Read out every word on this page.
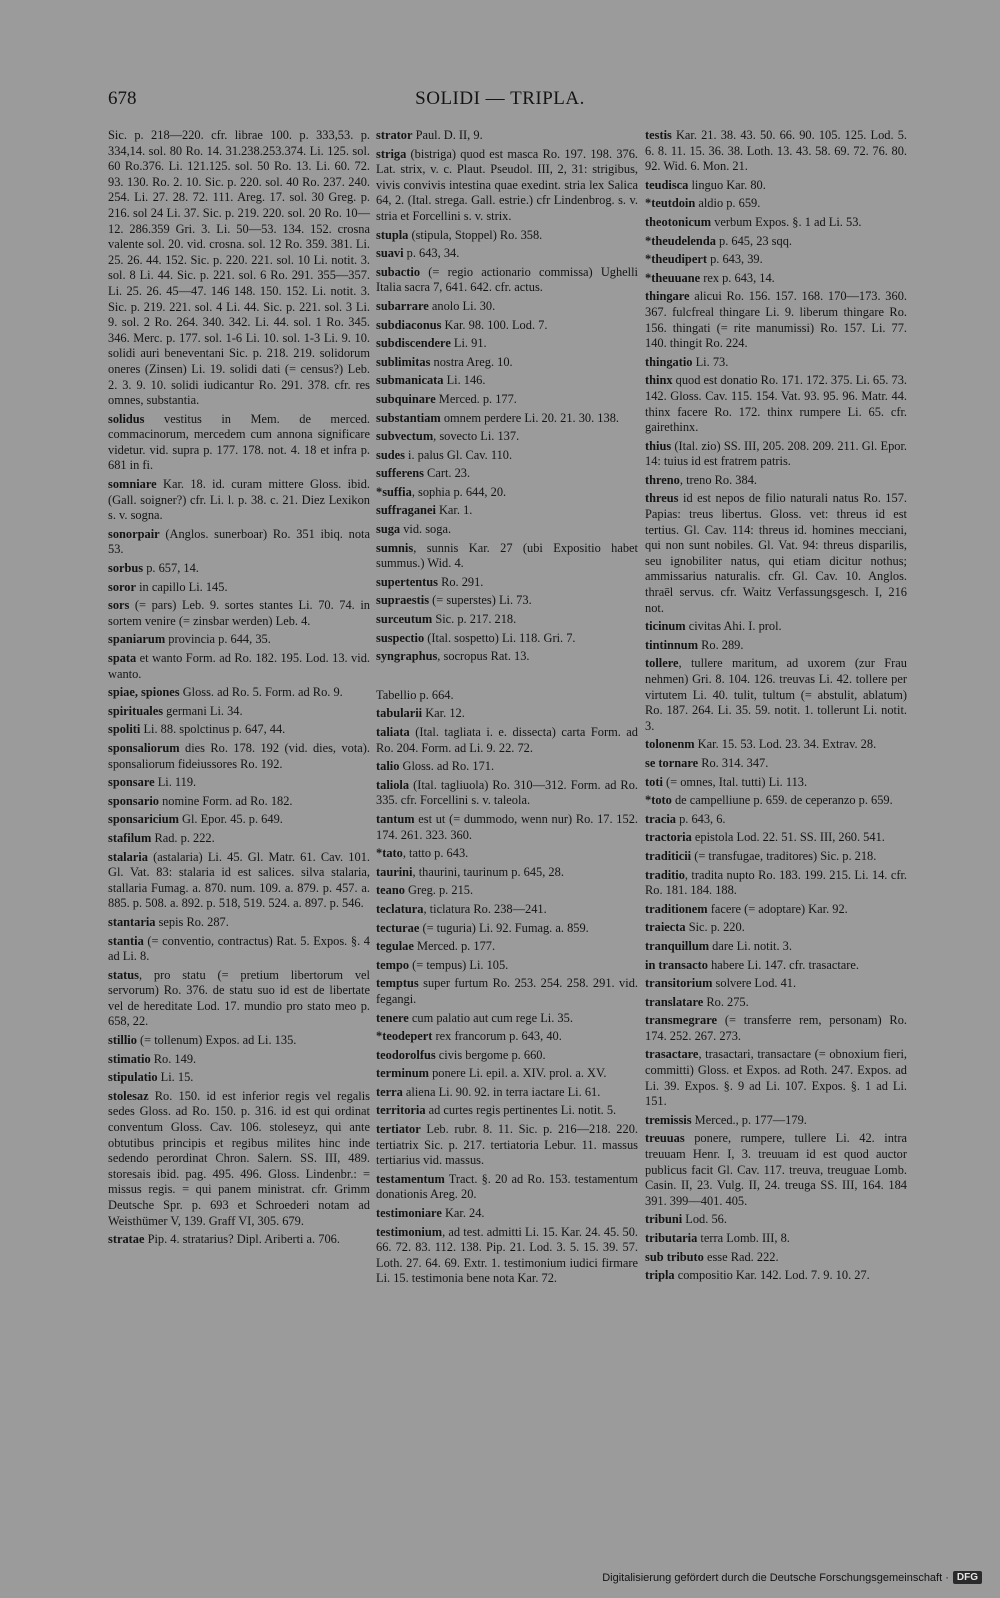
678	SOLIDI — TRIPLA.
Sic. p. 218—220. cfr. librae 100. p. 333,53. p. 334,14. sol. 80 Ro. 14. 31.238.253.374. Li. 125. sol. 60 Ro.376. Li. 121.125. sol. 50 Ro. 13. Li. 60. 72. 93. 130. Ro. 2. 10. Sic. p. 220. sol. 40 Ro. 237. 240. 254. Li. 27. 28. 72. 111. Areg. 17. sol. 30 Greg. p. 216. sol 24 Li. 37. Sic. p. 219. 220. sol. 20 Ro. 10—12. 286.359 Gri. 3. Li. 50—53. 134. 152. crosna valente sol. 20. vid. crosna. sol. 12 Ro. 359. 381. Li. 25. 26. 44. 152. Sic. p. 220. 221. sol. 10 Li. notit. 3. sol. 8 Li. 44. Sic. p. 221. sol. 6 Ro. 291. 355—357. Li. 25. 26. 45—47. 146 148. 150. 152. Li. notit. 3. Sic. p. 219. 221. sol. 4 Li. 44. Sic. p. 221. sol. 3 Li. 9. sol. 2 Ro. 264. 340. 342. Li. 44. sol. 1 Ro. 345. 346. Merc. p. 177. sol. 1-6 Li. 10. sol. 1-3 Li. 9. 10. solidi auri beneventani Sic. p. 218. 219. solidorum oneres (Zinsen) Li. 19. solidi dati (= census?) Leb. 2. 3. 9. 10. solidi iudicantur Ro. 291. 378. cfr. res omnes, substantia.
solidus vestitus in Mem. de merced. commacinorum, mercedem cum annona significare videtur. vid. supra p. 177. 178. not. 4. 18 et infra p. 681 in fi.
somniare Kar. 18. id. curam mittere Gloss. ibid. (Gall. soigner?) cfr. Li. l. p. 38. c. 21. Diez Lexikon s. v. sogna.
sonorpair (Anglos. sunerboar) Ro. 351 ibiq. nota 53.
sorbus p. 657, 14.
soror in capillo Li. 145.
sors (= pars) Leb. 9. sortes stantes Li. 70. 74. in sortem venire (= zinsbar werden) Leb. 4.
spaniarum provincia p. 644, 35.
spata et wanto Form. ad Ro. 182. 195. Lod. 13. vid. wanto.
spiae, spiones Gloss. ad Ro. 5. Form. ad Ro. 9.
spirituales germani Li. 34.
spoliti Li. 88. spolctinus p. 647, 44.
sponsaliorum dies Ro. 178. 192 (vid. dies, vota). sponsaliorum fideiussores Ro. 192.
sponsare Li. 119.
sponsario nomine Form. ad Ro. 182.
sponsaricium Gl. Epor. 45. p. 649.
stafilum Rad. p. 222.
stalaria (astalaria) Li. 45. Gl. Matr. 61. Cav. 101. Gl. Vat. 83: stalaria id est salices. silva stalaria, stallaria Fumag. a. 870. num. 109. a. 879. p. 457. a. 885. p. 508. a. 892. p. 518, 519. 524. a. 897. p. 546.
stantaria sepis Ro. 287.
stantia (= conventio, contractus) Rat. 5. Expos. §. 4 ad Li. 8.
status, pro statu (= pretium libertorum vel servorum) Ro. 376. de statu suo id est de libertate vel de hereditate Lod. 17. mundio pro stato meo p. 658, 22.
stillio (= tollenum) Expos. ad Li. 135.
stimatio Ro. 149.
stipulatio Li. 15.
stolesaz Ro. 150. id est inferior regis vel regalis sedes Gloss. ad Ro. 150. p. 316. id est qui ordinat conventum Gloss. Cav. 106. stoleseyz, qui ante obtutibus principis et regibus milites hinc inde sedendo perordinat Chron. Salern. SS. III, 489. storesais ibid. pag. 495. 496. Gloss. Lindenbr.: = missus regis. = qui panem ministrat. cfr. Grimm Deutsche Spr. p. 693 et Schroederi notam ad Weisthümer V, 139. Graff VI, 305. 679.
stratae Pip. 4. stratarius? Dipl. Ariberti a. 706.
strator Paul. D. II, 9.
striga (bistriga) quod est masca Ro. 197. 198. 376. Lat. strix, v. c. Plaut. Pseudol. III, 2, 31: strigibus, vivis convivis intestina quae exedint. stria lex Salica 64, 2. (Ital. strega. Gall. estrie.) cfr Lindenbrog. s. v. stria et Forcellini s. v. strix.
stupla (stipula, Stoppel) Ro. 358.
suavi p. 643, 34.
subactio (= regio actionario commissa) Ughelli Italia sacra 7, 641. 642. cfr. actus.
subarrare anolo Li. 30.
subdiaconus Kar. 98. 100. Lod. 7.
subdiscendere Li. 91.
sublimitas nostra Areg. 10.
submanicata Li. 146.
subquinare Merced. p. 177.
substantiam omnem perdere Li. 20. 21. 30. 138.
subvectum, sovecto Li. 137.
sudes i. palus Gl. Cav. 110.
sufferens Cart. 23.
*suffia, sophia p. 644, 20.
suffraganei Kar. 1.
suga vid. soga.
sumnis, sunnis Kar. 27 (ubi Expositio habet summus.) Wid. 4.
supertentus Ro. 291.
supraestis (= superstes) Li. 73.
surceutum Sic. p. 217. 218.
suspectio (Ital. sospetto) Li. 118. Gri. 7.
syngraphus, socropus Rat. 13.
Tabellio p. 664.
tabularii Kar. 12.
taliata (Ital. tagliata i. e. dissecta) carta Form. ad Ro. 204. Form. ad Li. 9. 22. 72.
talio Gloss. ad Ro. 171.
taliola (Ital. tagliuola) Ro. 310—312. Form. ad Ro. 335. cfr. Forcellini s. v. taleola.
tantum est ut (= dummodo, wenn nur) Ro. 17. 152. 174. 261. 323. 360.
*tato, tatto p. 643.
taurini, thaurini, taurinum p. 645, 28.
teano Greg. p. 215.
teclatura, ticlatura Ro. 238—241.
tecturae (= tuguria) Li. 92. Fumag. a. 859.
tegulae Merced. p. 177.
tempo (= tempus) Li. 105.
temptus super furtum Ro. 253. 254. 258. 291. vid. fegangi.
tenere cum palatio aut cum rege Li. 35.
*teodepert rex francorum p. 643, 40.
teodorolfus civis bergome p. 660.
terminum ponere Li. epil. a. XIV. prol. a. XV.
terra aliena Li. 90. 92. in terra iactare Li. 61.
territoria ad curtes regis pertinentes Li. notit. 5.
tertiator Leb. rubr. 8. 11. Sic. p. 216—218. 220. tertiatrix Sic. p. 217. tertiatoria Lebur. 11. massus tertiarius vid. massus.
testamentum Tract. §. 20 ad Ro. 153. testamentum donationis Areg. 20.
testimoniare Kar. 24.
testimonium, ad test. admitti Li. 15. Kar. 24. 45. 50. 66. 72. 83. 112. 138. Pip. 21. Lod. 3. 5. 15. 39. 57. Loth. 27. 64. 69. Extr. 1. testimonium iudici firmare Li. 15. testimonia bene nota Kar. 72.
testis Kar. 21. 38. 43. 50. 66. 90. 105. 125. Lod. 5. 6. 8. 11. 15. 36. 38. Loth. 13. 43. 58. 69. 72. 76. 80. 92. Wid. 6. Mon. 21.
teudisca linguo Kar. 80.
*teutdoin aldio p. 659.
theotonicum verbum Expos. §. 1 ad Li. 53.
*theudelenda p. 645, 23 sqq.
*theudipert p. 643, 39.
*theuuane rex p. 643, 14.
thingare alicui Ro. 156. 157. 168. 170—173. 360. 367. fulcfreal thingare Li. 9. liberum thingare Ro. 156. thingati (= rite manumissi) Ro. 157. Li. 77. 140. thingit Ro. 224.
thingatio Li. 73.
thinx quod est donatio Ro. 171. 172. 375. Li. 65. 73. 142. Gloss. Cav. 115. 154. Vat. 93. 95. 96. Matr. 44. thinx facere Ro. 172. thinx rumpere Li. 65. cfr. gairethinx.
thius (Ital. zio) SS. III, 205. 208. 209. 211. Gl. Epor. 14: tuius id est fratrem patris.
threno, treno Ro. 384.
threus id est nepos de filio naturali natus Ro. 157. Papias: treus libertus. Gloss. vet: threus id est tertius. Gl. Cav. 114: threus id. homines mecciani, qui non sunt nobiles. Gl. Vat. 94: threus disparilis, seu ignobiliter natus, qui etiam dicitur nothus; ammissarius naturalis. cfr. Gl. Cav. 10. Anglos. thraēl servus. cfr. Waitz Verfassungsgesch. I, 216 not.
ticinum civitas Ahi. I. prol.
tintinnum Ro. 289.
tollere, tullere maritum, ad uxorem (zur Frau nehmen) Gri. 8. 104. 126. treuvas Li. 42. tollere per virtutem Li. 40. tulit, tultum (= abstulit, ablatum) Ro. 187. 264. Li. 35. 59. notit. 1. tollerunt Li. notit. 3.
tolonenm Kar. 15. 53. Lod. 23. 34. Extrav. 28.
se tornare Ro. 314. 347.
toti (= omnes, Ital. tutti) Li. 113.
*toto de campelliune p. 659. de ceperanzo p. 659.
tracia p. 643, 6.
tractoria epistola Lod. 22. 51. SS. III, 260. 541.
traditicii (= transfugae, traditores) Sic. p. 218.
traditio, tradita nupto Ro. 183. 199. 215. Li. 14. cfr. Ro. 181. 184. 188.
traditionem facere (= adoptare) Kar. 92.
traiecta Sic. p. 220.
tranquillum dare Li. notit. 3.
in transacto habere Li. 147. cfr. trasactare.
transitorium solvere Lod. 41.
translatare Ro. 275.
transmegrare (= transferre rem, personam) Ro. 174. 252. 267. 273.
trasactare, trasactari, transactare (= obnoxium fieri, committi) Gloss. et Expos. ad Roth. 247. Expos. ad Li. 39. Expos. §. 9 ad Li. 107. Expos. §. 1 ad Li. 151.
tremissis Merced., p. 177—179.
treuuas ponere, rumpere, tullere Li. 42. intra treuuam Henr. I, 3. treuuam id est quod auctor publicus facit Gl. Cav. 117. treuva, treuguae Lomb. Casin. II, 23. Vulg. II, 24. treuga SS. III, 164. 184 391. 399—401. 405.
tribuni Lod. 56.
tributaria terra Lomb. III, 8.
sub tributo esse Rad. 222.
tripla compositio Kar. 142. Lod. 7. 9. 10. 27.
Digitalisierung gefördert durch die Deutsche Forschungsgemeinschaft · DFG
